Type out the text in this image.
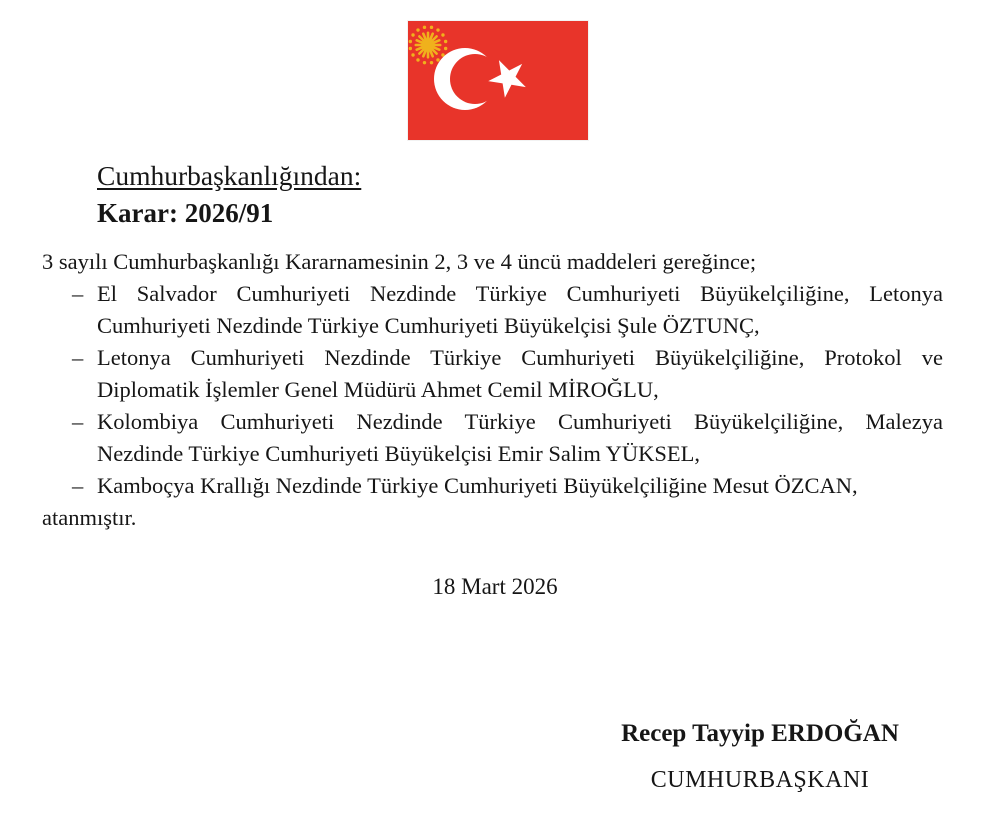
Cumhurbaşkanlığından:
Karar: 2026/91
3 sayılı Cumhurbaşkanlığı Kararnamesinin 2, 3 ve 4 üncü maddeleri gereğince;
– El Salvador Cumhuriyeti Nezdinde Türkiye Cumhuriyeti Büyükelçiliğine, Letonya
Cumhuriyeti Nezdinde Türkiye Cumhuriyeti Büyükelçisi Şule ÖZTUNÇ,
– Letonya Cumhuriyeti Nezdinde Türkiye Cumhuriyeti Büyükelçiliğine, Protokol ve
Diplomatik İşlemler Genel Müdürü Ahmet Cemil MİROĞLU,
– Kolombiya Cumhuriyeti Nezdinde Türkiye Cumhuriyeti Büyükelçiliğine, Malezya
Nezdinde Türkiye Cumhuriyeti Büyükelçisi Emir Salim YÜKSEL,
– Kamboçya Krallığı Nezdinde Türkiye Cumhuriyeti Büyükelçiliğine Mesut ÖZCAN,
atanmıştır.
18 Mart 2026
Recep Tayyip ERDOĞAN
CUMHURBAŞKANI
